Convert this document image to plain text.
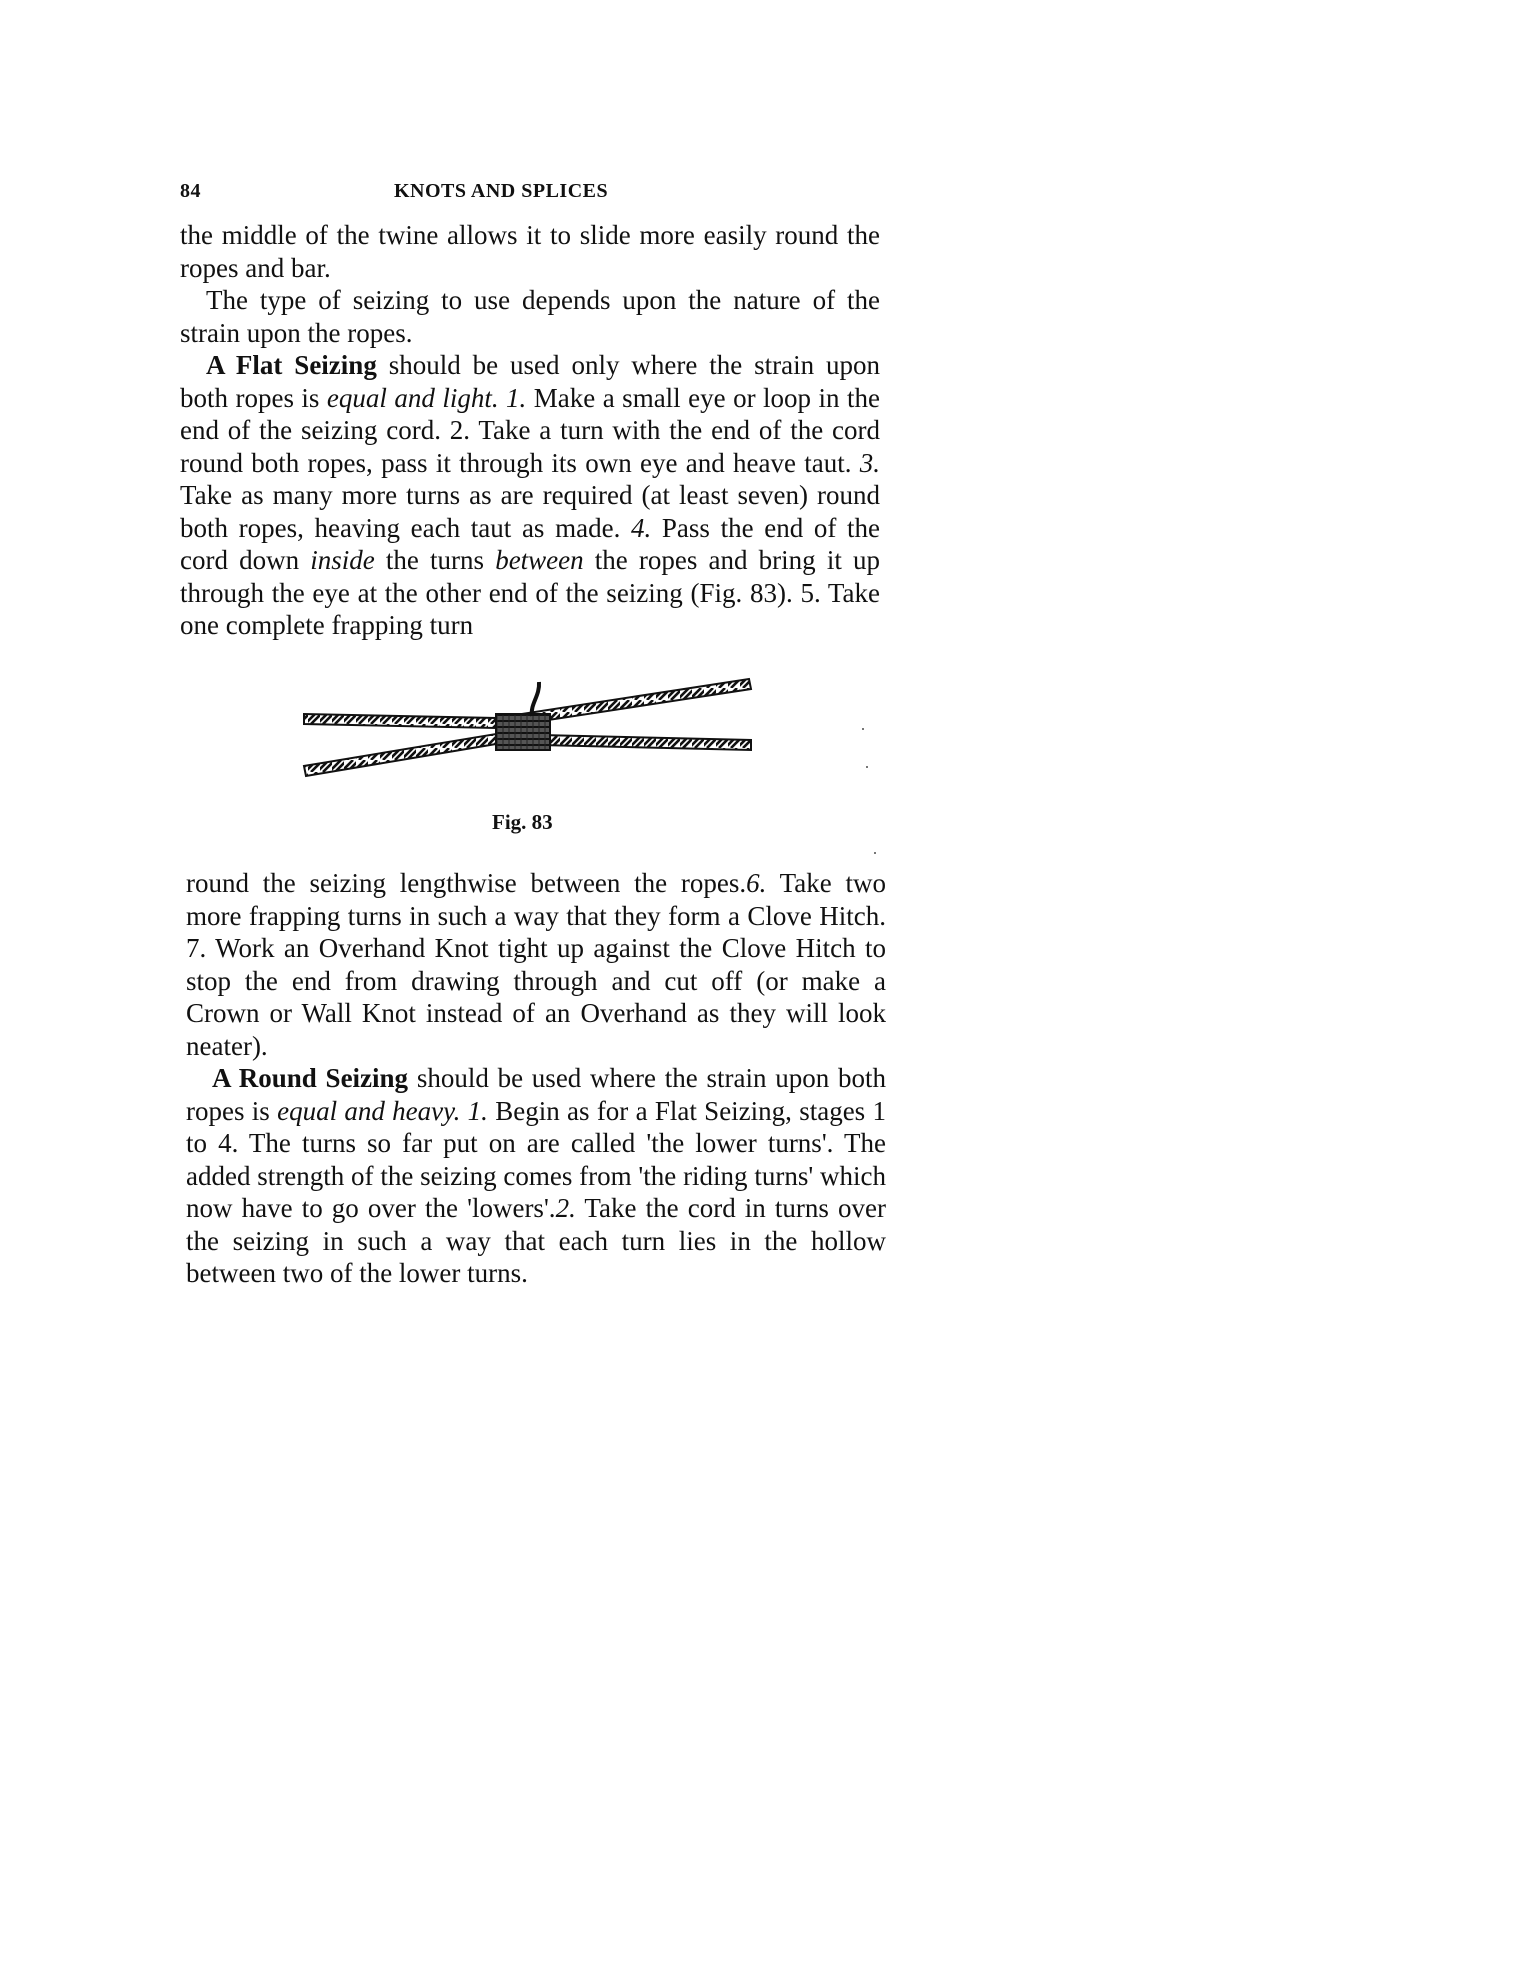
84	KNOTS AND SPLICES

the middle of the twine allows it to slide more easily round the ropes and bar.

The type of seizing to use depends upon the nature of the strain upon the ropes.

A Flat Seizing should be used only where the strain upon both ropes is equal and light. 1. Make a small eye or loop in the end of the seizing cord. 2. Take a turn with the end of the cord round both ropes, pass it through its own eye and heave taut. 3. Take as many more turns as are required (at least seven) round both ropes, heaving each taut as made. 4. Pass the end of the cord down inside the turns between the ropes and bring it up through the eye at the other end of the seizing (Fig. 83). 5. Take one complete frapping turn

Fig. 83

round the seizing lengthwise between the ropes.6. Take two more frapping turns in such a way that they form a Clove Hitch. 7. Work an Overhand Knot tight up against the Clove Hitch to stop the end from drawing through and cut off (or make a Crown or Wall Knot instead of an Overhand as they will look neater).

A Round Seizing should be used where the strain upon both ropes is equal and heavy. 1. Begin as for a Flat Seizing, stages 1 to 4. The turns so far put on are called 'the lower turns'. The added strength of the seizing comes from 'the riding turns' which now have to go over the 'lowers'.2. Take the cord in turns over the seizing in such a way that each turn lies in the hollow between two of the lower turns.
